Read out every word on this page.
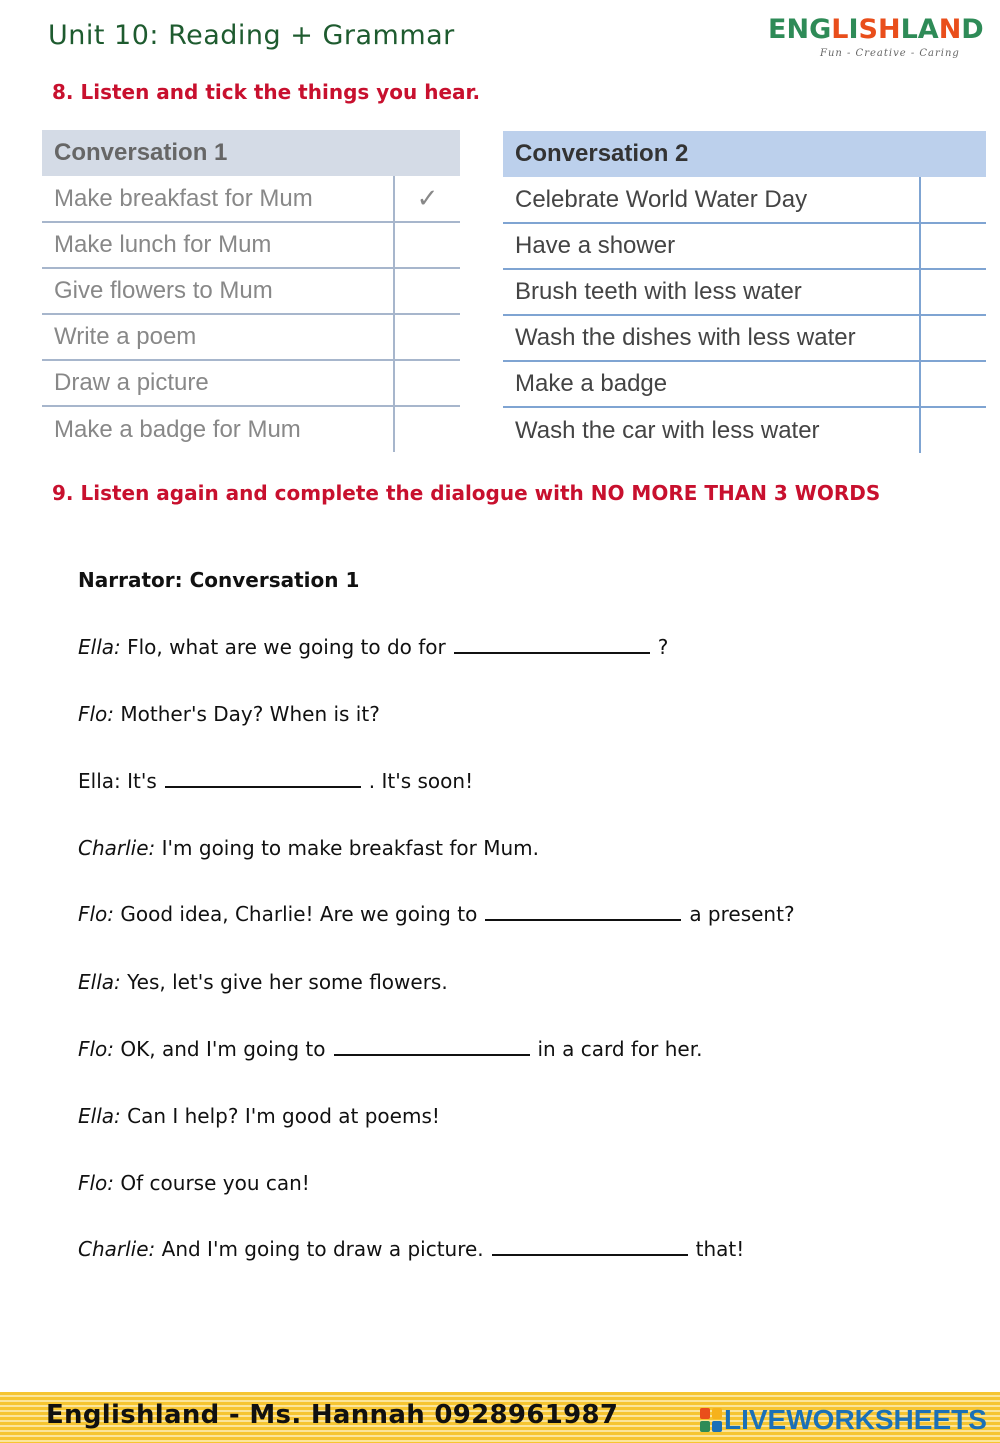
Unit 10: Reading + Grammar	ENGLISHLAND
Fun - Creative - Caring
8. Listen and tick the things you hear.
Conversation 1	
Make breakfast for Mum	✓
Make lunch for Mum	
Give flowers to Mum	
Write a poem	
Draw a picture	
Make a badge for Mum	
Conversation 2	
Celebrate World Water Day	
Have a shower	
Brush teeth with less water	
Wash the dishes with less water	
Make a badge	
Wash the car with less water	
9. Listen again and complete the dialogue with NO MORE THAN 3 WORDS
Narrator: Conversation 1
Ella: Flo, what are we going to do for	?
Flo: Mother's Day? When is it?
Ella: It's	. It's soon!
Charlie: I'm going to make breakfast for Mum.
Flo: Good idea, Charlie! Are we going to	a present?
Ella: Yes, let's give her some flowers.
Flo: OK, and I'm going to	in a card for her.
Ella: Can I help? I'm good at poems!
Flo: Of course you can!
Charlie: And I'm going to draw a picture.	that!
Englishland - Ms. Hannah 0928961987	LIVEWORKSHEETS
